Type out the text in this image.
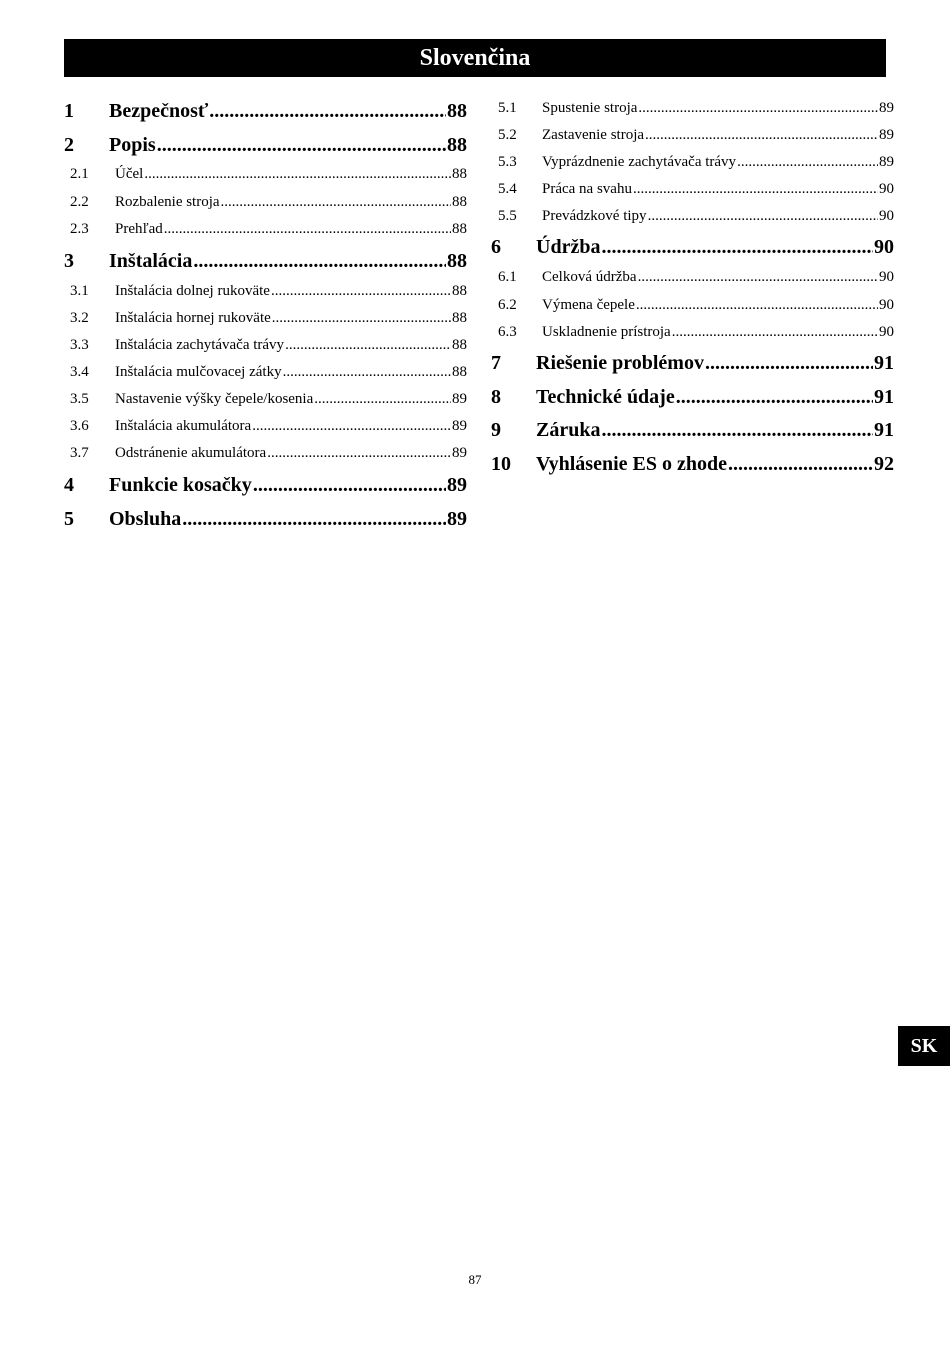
Slovenčina
1	Bezpečnosť .....	88
2	Popis .....	88
2.1	Účel .....	88
2.2	Rozbalenie stroja .....	88
2.3	Prehľad .....	88
3	Inštalácia .....	88
3.1	Inštalácia dolnej rukoväte .....	88
3.2	Inštalácia hornej rukoväte .....	88
3.3	Inštalácia zachytávača trávy .....	88
3.4	Inštalácia mulčovacej zátky .....	88
3.5	Nastavenie výšky čepele/kosenia .....	89
3.6	Inštalácia akumulátora .....	89
3.7	Odstránenie akumulátora .....	89
4	Funkcie kosačky .....	89
5	Obsluha .....	89
5.1	Spustenie stroja .....	89
5.2	Zastavenie stroja .....	89
5.3	Vyprázdnenie zachytávača trávy .....	89
5.4	Práca na svahu .....	90
5.5	Prevádzkové tipy .....	90
6	Údržba .....	90
6.1	Celková údržba .....	90
6.2	Výmena čepele .....	90
6.3	Uskladnenie prístroja .....	90
7	Riešenie problémov .....	91
8	Technické údaje .....	91
9	Záruka .....	91
10	Vyhlásenie ES o zhode .....	92
SK
87
